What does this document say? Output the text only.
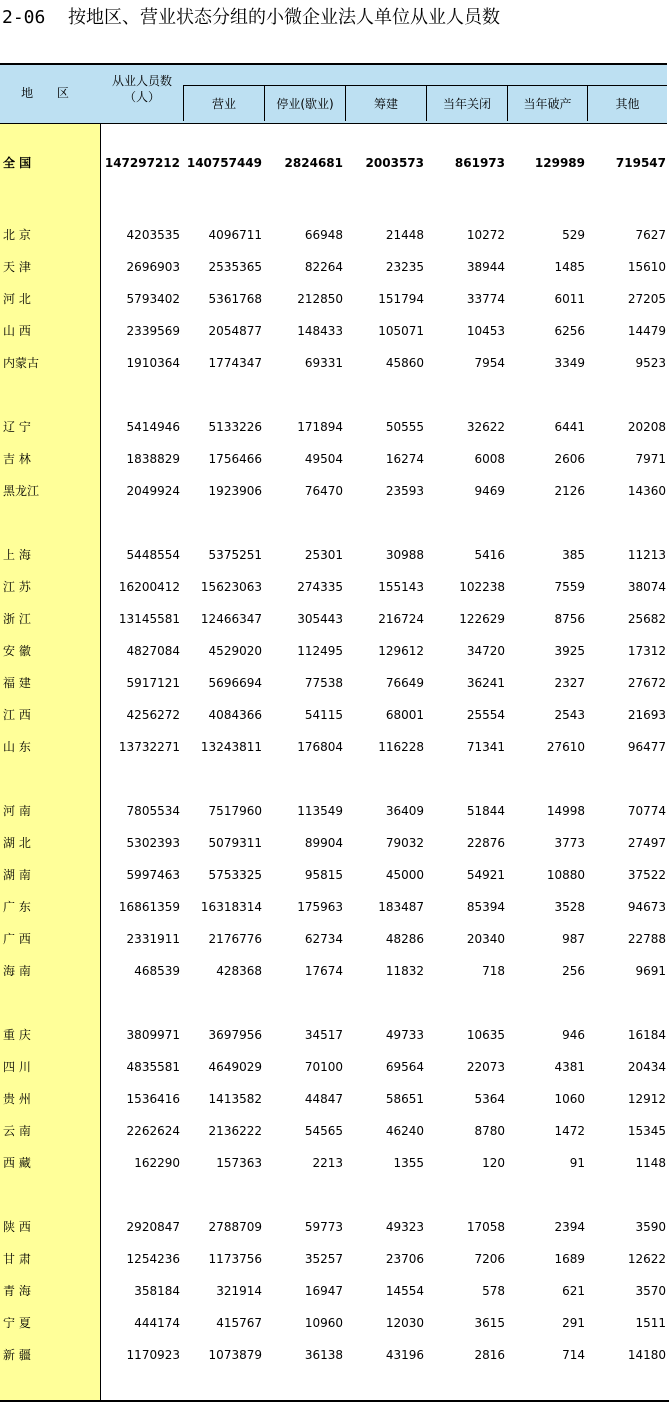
2-06 按地区、营业状态分组的小微企业法人单位从业人员数
地 区
从业人员数
（人）	营业	停业(歇业)	筹建	当年关闭	当年破产	其他
全 国	147297212 140757449 2824681 2003573	861973 129989	719547
北 京	4203535 4096711	66948	21448	10272	529	7627
天 津	2696903 2535365	82264	23235	38944	1485	15610
河 北	5793402 5361768	212850	151794	33774	6011	27205
山 西	2339569 2054877	148433	105071	10453	6256	14479
内蒙古	1910364 1774347	69331	45860	7954	3349	9523
辽 宁	5414946 5133226	171894	50555	32622	6441	20208
吉 林	1838829 1756466	49504	16274	6008	2606	7971
黑龙江	2049924 1923906	76470	23593	9469	2126	14360
上 海	5448554 5375251	25301	30988	5416	385	11213
江 苏	16200412 15623063	274335	155143	102238	7559	38074
浙 江	13145581 12466347	305443	216724	122629	8756	25682
安 徽	4827084 4529020	112495	129612	34720	3925	17312
福 建	5917121 5696694	77538	76649	36241	2327	27672
江 西	4256272 4084366	54115	68001	25554	2543	21693
山 东	13732271 13243811	176804	116228	71341	27610	96477
河 南	7805534 7517960	113549	36409	51844	14998	70774
湖 北	5302393 5079311	89904	79032	22876	3773	27497
湖 南	5997463 5753325	95815	45000	54921	10880	37522
广 东	16861359 16318314	175963	183487	85394	3528	94673
广 西	2331911 2176776	62734	48286	20340	987	22788
海 南	468539	428368	17674	11832	718	256	9691
重 庆	3809971 3697956	34517	49733	10635	946	16184
四 川	4835581 4649029	70100	69564	22073	4381	20434
贵 州	1536416 1413582	44847	58651	5364	1060	12912
云 南	2262624 2136222	54565	46240	8780	1472	15345
西 藏	162290	157363	2213	1355	120	91	1148
陕 西	2920847 2788709	59773	49323	17058	2394	3590
甘 肃	1254236 1173756	35257	23706	7206	1689	12622
青 海	358184	321914	16947	14554	578	621	3570
宁 夏	444174	415767	10960	12030	3615	291	1511
新 疆	1170923 1073879	36138	43196	2816	714	14180
